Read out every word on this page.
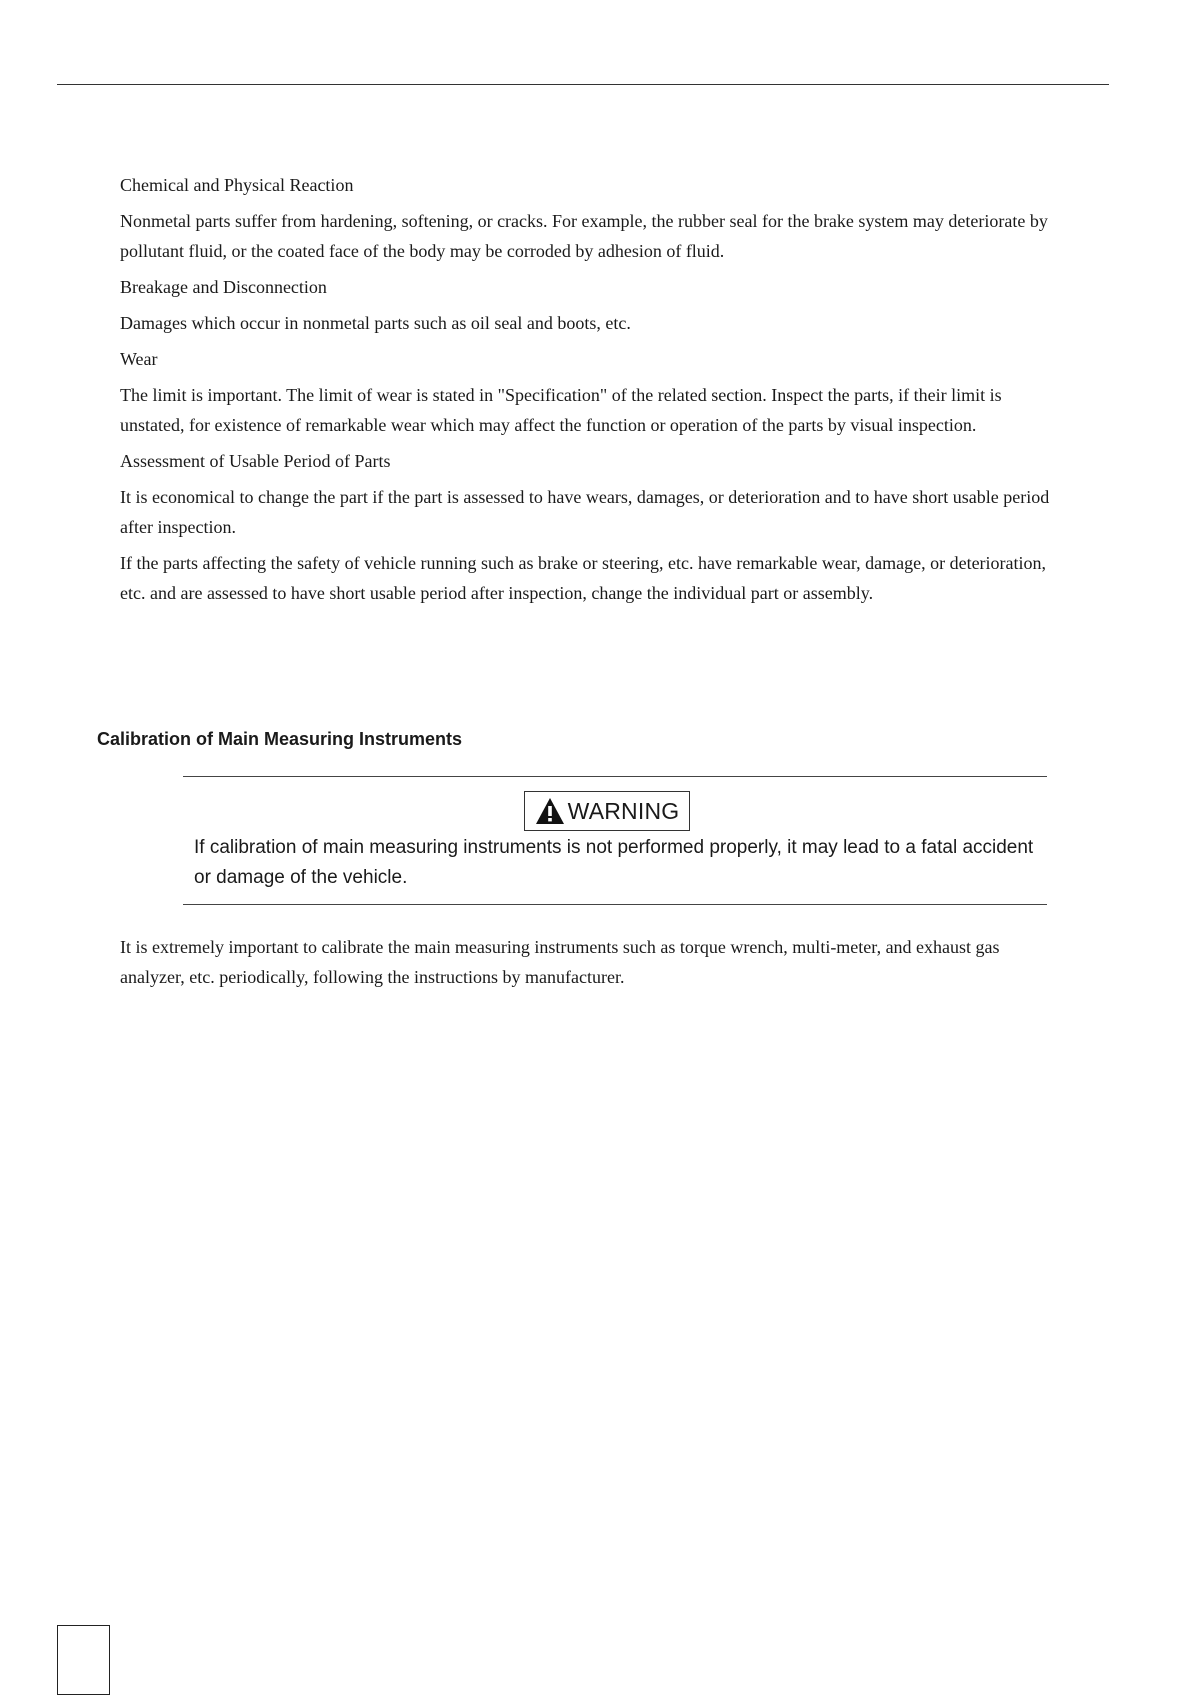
Chemical and Physical Reaction

Nonmetal parts suffer from hardening, softening, or cracks. For example, the rubber seal for the brake system may deteriorate by pollutant fluid, or the coated face of the body may be corroded by adhesion of fluid.

Breakage and Disconnection

Damages which occur in nonmetal parts such as oil seal and boots, etc.

Wear

The limit is important. The limit of wear is stated in "Specification" of the related section. Inspect the parts, if their limit is unstated, for existence of remarkable wear which may affect the function or operation of the parts by visual inspection.

Assessment of Usable Period of Parts

It is economical to change the part if the part is assessed to have wears, damages, or deterioration and to have short usable period after inspection.

If the parts affecting the safety of vehicle running such as brake or steering, etc. have remarkable wear, damage, or deterioration, etc. and are assessed to have short usable period after inspection, change the individual part or assembly.

Calibration of Main Measuring Instruments
WARNING
If calibration of main measuring instruments is not performed properly, it may lead to a fatal accident or damage of the vehicle.

It is extremely important to calibrate the main measuring instruments such as torque wrench, multi-meter, and exhaust gas analyzer, etc. periodically, following the instructions by manufacturer.
